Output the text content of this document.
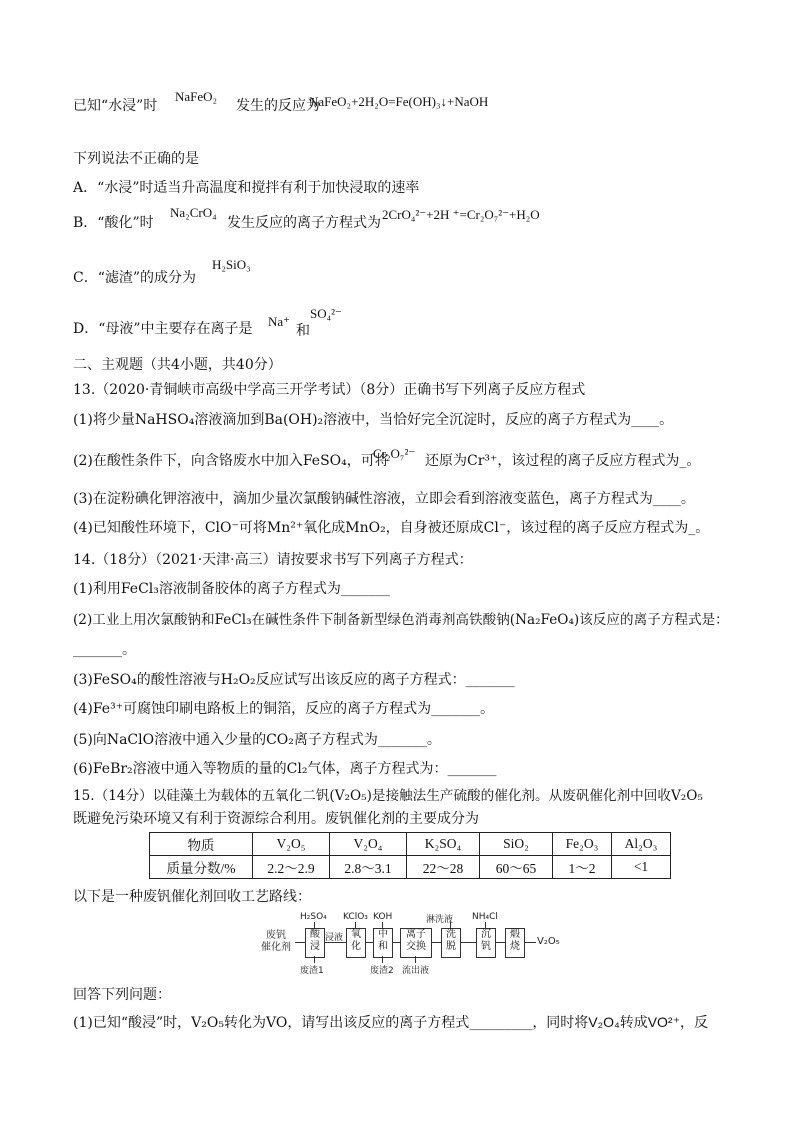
已知“水浸”时
NaFeO₂
发生的反应为
NaFeO₂+2H₂O=Fe(OH)₃↓+NaOH
下列说法不正确的是
A．“水浸”时适当升高温度和搅拌有利于加快浸取的速率
B．“酸化”时
Na₂CrO₄
发生反应的离子方程式为
2CrO₄²⁻+2H ⁺=Cr₂O₇²⁻+H₂O
C．“滤渣”的成分为
H₂SiO₃
D．“母液”中主要存在离子是 Na⁺
和
SO₄²⁻
二、主观题（共4小题，共40分）
13.（2020·青铜峡市高级中学高三开学考试）（8分）正确书写下列离子反应方程式
(1)将少量NaHSO₄溶液滴加到Ba(OH)₂溶液中，当恰好完全沉淀时，反应的离子方程式为____。
(2)在酸性条件下，向含铬废水中加入FeSO₄，可将
Cr₂O₇²⁻ 还原为Cr³⁺，该过程的离子反应方程式为_。
(3)在淀粉碘化钾溶液中，滴加少量次氯酸钠碱性溶液，立即会看到溶液变蓝色，离子方程式为____。
(4)已知酸性环境下，ClO⁻可将Mn²⁺氧化成MnO₂，自身被还原成Cl⁻，该过程的离子反应方程式为_。
14.（18分）（2021·天津·高三）请按要求书写下列离子方程式：
(1)利用FeCl₃溶液制备胶体的离子方程式为_______
(2)工业上用次氯酸钠和FeCl₃在碱性条件下制备新型绿色消毒剂高铁酸钠(Na₂FeO₄)该反应的离子方程式是：
_______。
(3)FeSO₄的酸性溶液与H₂O₂反应试写出该反应的离子方程式：_______
(4)Fe³⁺可腐蚀印刷电路板上的铜箔，反应的离子方程式为_______。
(5)向NaClO溶液中通入少量的CO₂离子方程式为_______。
(6)FeBr₂溶液中通入等物质的量的Cl₂气体，离子方程式为：_______
15.（14分）以硅藻土为载体的五氧化二钒(V₂O₅)是接触法生产硫酸的催化剂。从废矾催化剂中回收V₂O₅
既避免污染环境又有利于资源综合利用。废钒催化剂的主要成分为
物质	V₂O₅	V₂O₄	K₂SO₄	SiO₂	Fe₂O₃	Al₂O₃
质量分数/%	2.2～2.9	2.8～3.1	22～28	60～65	1～2	<1
以下是一种废钒催化剂回收工艺路线：
废钒
催化剂
酸
浸
浸液 氧
化
中
和
离子
交换
洗
脱
沉
钒
煅
烧	V₂O₅
H₂SO₄ KClO₃ KOH	淋洗液 NH₄Cl
废渣1	废渣2 流出液
回答下列问题：
(1)已知“酸浸”时，V₂O₅转化为VO，请写出该反应的离子方程式_________，同时将V₂O₄转成VO²⁺，反
